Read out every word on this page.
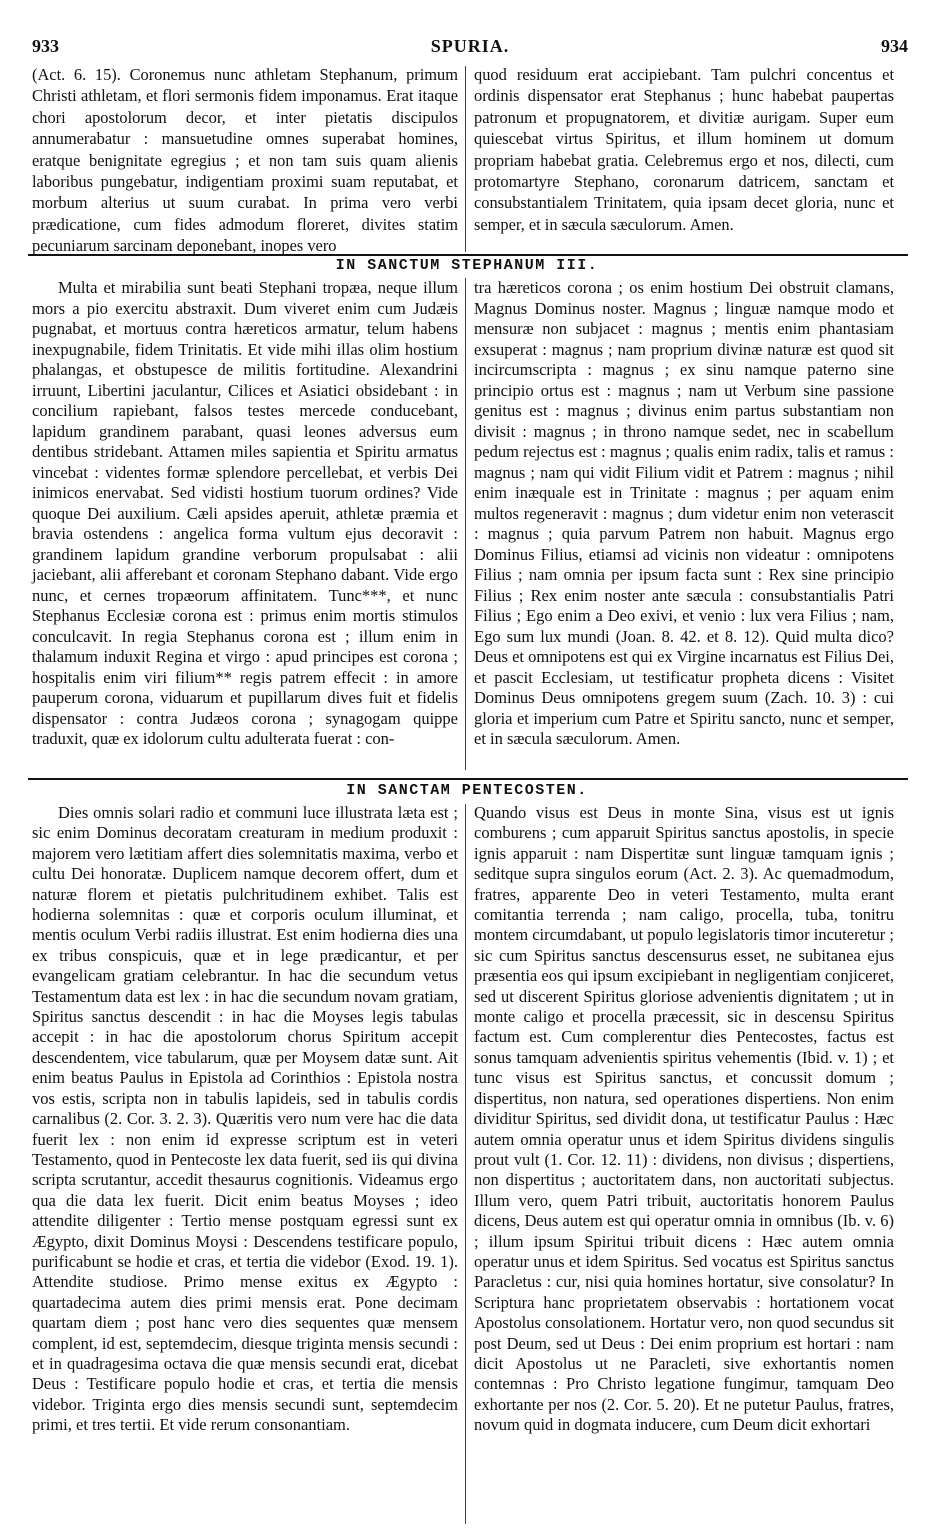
933	SPURIA.	934

(Act. 6. 15). Coronemus nunc athletam Stephanum, primum Christi athletam, et flori sermonis fidem imponamus. Erat itaque chori apostolorum decor, et inter pietatis discipulos annumerabatur : mansuetudine omnes superabat homines, eratque benignitate egregius ; et non tam suis quam alienis laboribus pungebatur, indigentiam proximi suam reputabat, et morbum alterius ut suum curabat. In prima vero verbi prædicatione, cum fides admodum floreret, divites statim pecuniarum sarcinam deponebant, inopes vero

quod residuum erat accipiebant. Tam pulchri concentus et ordinis dispensator erat Stephanus ; hunc habebat paupertas patronum et propugnatorem, et divitiæ aurigam. Super eum quiescebat virtus Spiritus, et illum hominem ut domum propriam habebat gratia. Celebremus ergo et nos, dilecti, cum protomartyre Stephano, coronarum datricem, sanctam et consubstantialem Trinitatem, quia ipsam decet gloria, nunc et semper, et in sæcula sæculorum. Amen.

IN SANCTUM STEPHANUM III.

Multa et mirabilia sunt beati Stephani tropæa, neque illum mors a pio exercitu abstraxit. Dum viveret enim cum Judæis pugnabat, et mortuus contra hæreticos armatur, telum habens inexpugnabile, fidem Trinitatis. Et vide mihi illas olim hostium phalangas, et obstupesce de militis fortitudine. Alexandrini irruunt, Libertini jaculantur, Cilices et Asiatici obsidebant : in concilium rapiebant, falsos testes mercede conducebant, lapidum grandinem parabant, quasi leones adversus eum dentibus stridebant. Attamen miles sapientia et Spiritu armatus vincebat : videntes formæ splendore percellebat, et verbis Dei inimicos enervabat. Sed vidisti hostium tuorum ordines? Vide quoque Dei auxilium. Cæli apsides aperuit, athletæ præmia et bravia ostendens : angelica forma vultum ejus decoravit : grandinem lapidum grandine verborum propulsabat : alii jaciebant, alii afferebant et coronam Stephano dabant. Vide ergo nunc, et cernes tropæorum affinitatem. Tunc***, et nunc Stephanus Ecclesiæ corona est : primus enim mortis stimulos conculcavit. In regia Stephanus corona est ; illum enim in thalamum induxit Regina et virgo : apud principes est corona ; hospitalis enim viri filium** regis patrem effecit : in amore pauperum corona, viduarum et pupillarum dives fuit et fidelis dispensator : contra Judæos corona ; synagogam quippe traduxit, quæ ex idolorum cultu adulterata fuerat : con-

tra hæreticos corona ; os enim hostium Dei obstruit clamans, Magnus Dominus noster. Magnus ; linguæ namque modo et mensuræ non subjacet : magnus ; mentis enim phantasiam exsuperat : magnus ; nam proprium divinæ naturæ est quod sit incircumscripta : magnus ; ex sinu namque paterno sine principio ortus est : magnus ; nam ut Verbum sine passione genitus est : magnus ; divinus enim partus substantiam non divisit : magnus ; in throno namque sedet, nec in scabellum pedum rejectus est : magnus ; qualis enim radix, talis et ramus : magnus ; nam qui vidit Filium vidit et Patrem : magnus ; nihil enim inæquale est in Trinitate : magnus ; per aquam enim multos regeneravit : magnus ; dum videtur enim non veterascit : magnus ; quia parvum Patrem non habuit. Magnus ergo Dominus Filius, etiamsi ad vicinis non videatur : omnipotens Filius ; nam omnia per ipsum facta sunt : Rex sine principio Filius ; Rex enim noster ante sæcula : consubstantialis Patri Filius ; Ego enim a Deo exivi, et venio : lux vera Filius ; nam, Ego sum lux mundi (Joan. 8. 42. et 8. 12). Quid multa dico? Deus et omnipotens est qui ex Virgine incarnatus est Filius Dei, et pascit Ecclesiam, ut testificatur propheta dicens : Visitet Dominus Deus omnipotens gregem suum (Zach. 10. 3) : cui gloria et imperium cum Patre et Spiritu sancto, nunc et semper, et in sæcula sæculorum. Amen.

IN SANCTAM PENTECOSTEN.

Dies omnis solari radio et communi luce illustrata læta est ; sic enim Dominus decoratam creaturam in medium produxit : majorem vero lætitiam affert dies solemnitatis maxima, verbo et cultu Dei honoratæ. Duplicem namque decorem offert, dum et naturæ florem et pietatis pulchritudinem exhibet. Talis est hodierna solemnitas : quæ et corporis oculum illuminat, et mentis oculum Verbi radiis illustrat. Est enim hodierna dies una ex tribus conspicuis, quæ et in lege prædicantur, et per evangelicam gratiam celebrantur. In hac die secundum vetus Testamentum data est lex : in hac die secundum novam gratiam, Spiritus sanctus descendit : in hac die Moyses legis tabulas accepit : in hac die apostolorum chorus Spiritum accepit descendentem, vice tabularum, quæ per Moysem datæ sunt. Ait enim beatus Paulus in Epistola ad Corinthios : Epistola nostra vos estis, scripta non in tabulis lapideis, sed in tabulis cordis carnalibus (2. Cor. 3. 2. 3). Quæritis vero num vere hac die data fuerit lex : non enim id expresse scriptum est in veteri Testamento, quod in Pentecoste lex data fuerit, sed iis qui divina scripta scrutantur, accedit thesaurus cognitionis. Videamus ergo qua die data lex fuerit. Dicit enim beatus Moyses ; ideo attendite diligenter : Tertio mense postquam egressi sunt ex Ægypto, dixit Dominus Moysi : Descendens testificare populo, purificabunt se hodie et cras, et tertia die videbor (Exod. 19. 1). Attendite studiose. Primo mense exitus ex Ægypto : quartadecima autem dies primi mensis erat. Pone decimam quartam diem ; post hanc vero dies sequentes quæ mensem complent, id est, septemdecim, diesque triginta mensis secundi : et in quadragesima octava die quæ mensis secundi erat, dicebat Deus : Testificare populo hodie et cras, et tertia die mensis videbor. Triginta ergo dies mensis secundi sunt, septemdecim primi, et tres tertii. Et vide rerum consonantiam.

Quando visus est Deus in monte Sina, visus est ut ignis comburens ; cum apparuit Spiritus sanctus apostolis, in specie ignis apparuit : nam Dispertitæ sunt linguæ tamquam ignis ; seditque supra singulos eorum (Act. 2. 3). Ac quemadmodum, fratres, apparente Deo in veteri Testamento, multa erant comitantia terrenda ; nam caligo, procella, tuba, tonitru montem circumdabant, ut populo legislatoris timor incuteretur ; sic cum Spiritus sanctus descensurus esset, ne subitanea ejus præsentia eos qui ipsum excipiebant in negligentiam conjiceret, sed ut discerent Spiritus gloriose advenientis dignitatem ; ut in monte caligo et procella præcessit, sic in descensu Spiritus factum est. Cum complerentur dies Pentecostes, factus est sonus tamquam advenientis spiritus vehementis (Ibid. v. 1) ; et tunc visus est Spiritus sanctus, et concussit domum ; dispertitus, non natura, sed operationes dispertiens. Non enim dividitur Spiritus, sed dividit dona, ut testificatur Paulus : Hæc autem omnia operatur unus et idem Spiritus dividens singulis prout vult (1. Cor. 12. 11) : dividens, non divisus ; dispertiens, non dispertitus ; auctoritatem dans, non auctoritati subjectus. Illum vero, quem Patri tribuit, auctoritatis honorem Paulus dicens, Deus autem est qui operatur omnia in omnibus (Ib. v. 6) ; illum ipsum Spiritui tribuit dicens : Hæc autem omnia operatur unus et idem Spiritus. Sed vocatus est Spiritus sanctus Paracletus : cur, nisi quia homines hortatur, sive consolatur? In Scriptura hanc proprietatem observabis : hortationem vocat Apostolus consolationem. Hortatur vero, non quod secundus sit post Deum, sed ut Deus : Dei enim proprium est hortari : nam dicit Apostolus ut ne Paracleti, sive exhortantis nomen contemnas : Pro Christo legatione fungimur, tamquam Deo exhortante per nos (2. Cor. 5. 20). Et ne putetur Paulus, fratres, novum quid in dogmata inducere, cum Deum dicit exhortari
